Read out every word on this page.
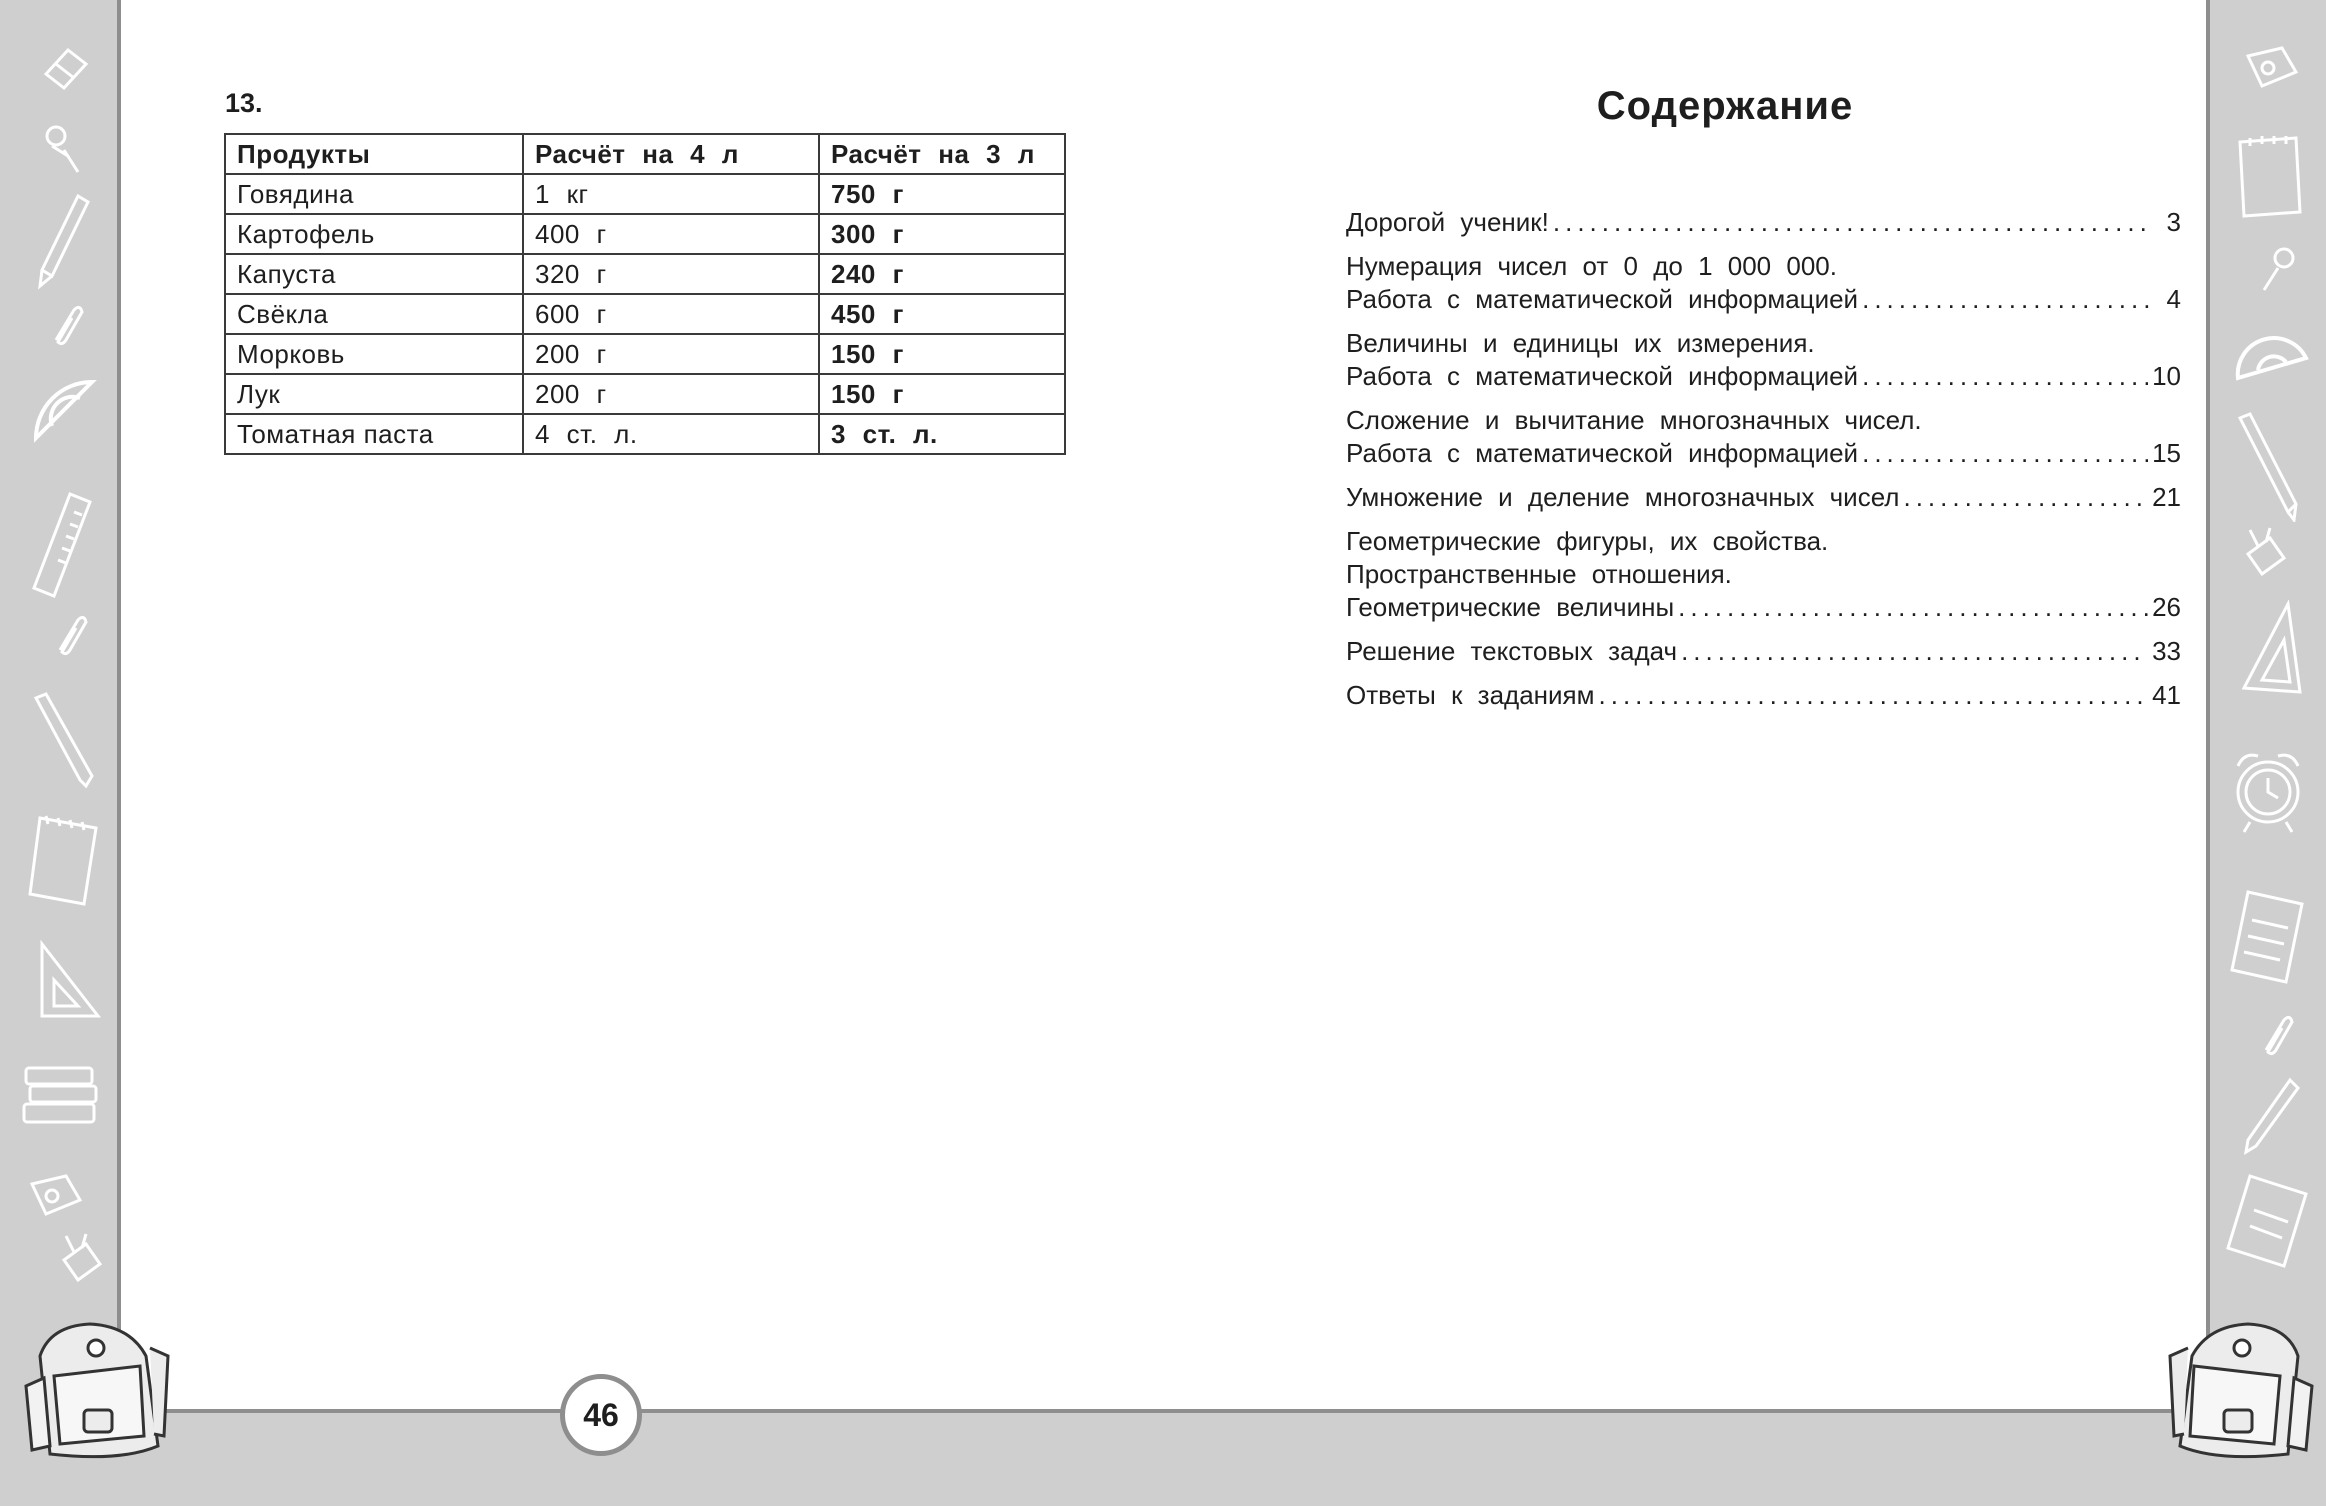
13.
Продукты	Расчёт на 4 л	Расчёт на 3 л
Говядина	1 кг	750 г
Картофель	400 г	300 г
Капуста	320 г	240 г
Свёкла	600 г	450 г
Морковь	200 г	150 г
Лук	200 г	150 г
Томатная паста	4 ст. л.	3 ст. л.
46
Содержание
Дорогой ученик! .....	3
Нумерация чисел от 0 до 1 000 000.
Работа с математической информацией .....	4
Величины и единицы их измерения.
Работа с математической информацией .....	10
Сложение и вычитание многозначных чисел.
Работа с математической информацией .....	15
Умножение и деление многозначных чисел .....	21
Геометрические фигуры, их свойства.
Пространственные отношения.
Геометрические величины .....	26
Решение текстовых задач .....	33
Ответы к заданиям .....	41
